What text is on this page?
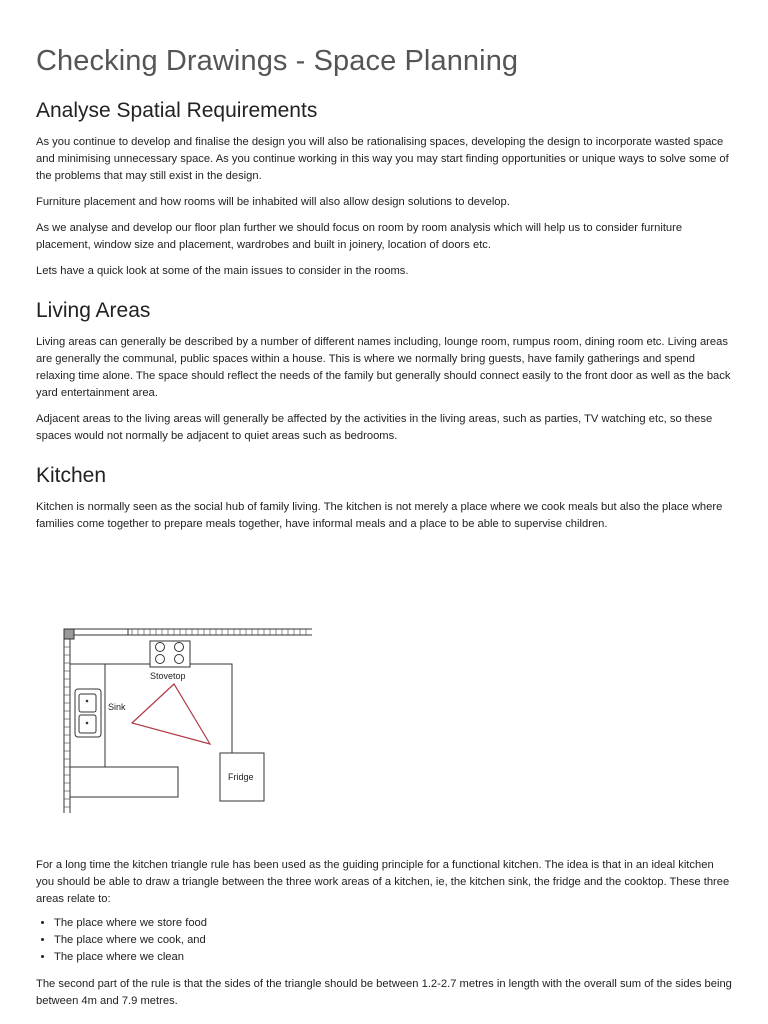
Checking Drawings - Space Planning
Analyse Spatial Requirements

As you continue to develop and finalise the design you will also be rationalising spaces, developing the design to incorporate wasted space and minimising unnecessary space. As you continue working in this way you may start finding opportunities or unique ways to solve some of the problems that may still exist in the design.

Furniture placement and how rooms will be inhabited will also allow design solutions to develop.

As we analyse and develop our floor plan further we should focus on room by room analysis which will help us to consider furniture placement, window size and placement, wardrobes and built in joinery, location of doors etc.

Lets have a quick look at some of the main issues to consider in the rooms.

Living Areas

Living areas can generally be described by a number of different names including, lounge room, rumpus room, dining room etc. Living areas are generally the communal, public spaces within a house. This is where we normally bring guests, have family gatherings and spend relaxing time alone. The space should reflect the needs of the family but generally should connect easily to the front door as well as the back yard entertainment area.

Adjacent areas to the living areas will generally be affected by the activities in the living areas, such as parties, TV watching etc, so these spaces would not normally be adjacent to quiet areas such as bedrooms.

Kitchen

Kitchen is normally seen as the social hub of family living. The kitchen is not merely a place where we cook meals but also the place where families come together to prepare meals together, have informal meals and a place to be able to supervise children.

Stovetop
Sink
Fridge

For a long time the kitchen triangle rule has been used as the guiding principle for a functional kitchen. The idea is that in an ideal kitchen you should be able to draw a triangle between the three work areas of a kitchen, ie, the kitchen sink, the fridge and the cooktop. These three areas relate to:

• The place where we store food
• The place where we cook, and
• The place where we clean

The second part of the rule is that the sides of the triangle should be between 1.2-2.7 metres in length with the overall sum of the sides being between 4m and 7.9 metres.
